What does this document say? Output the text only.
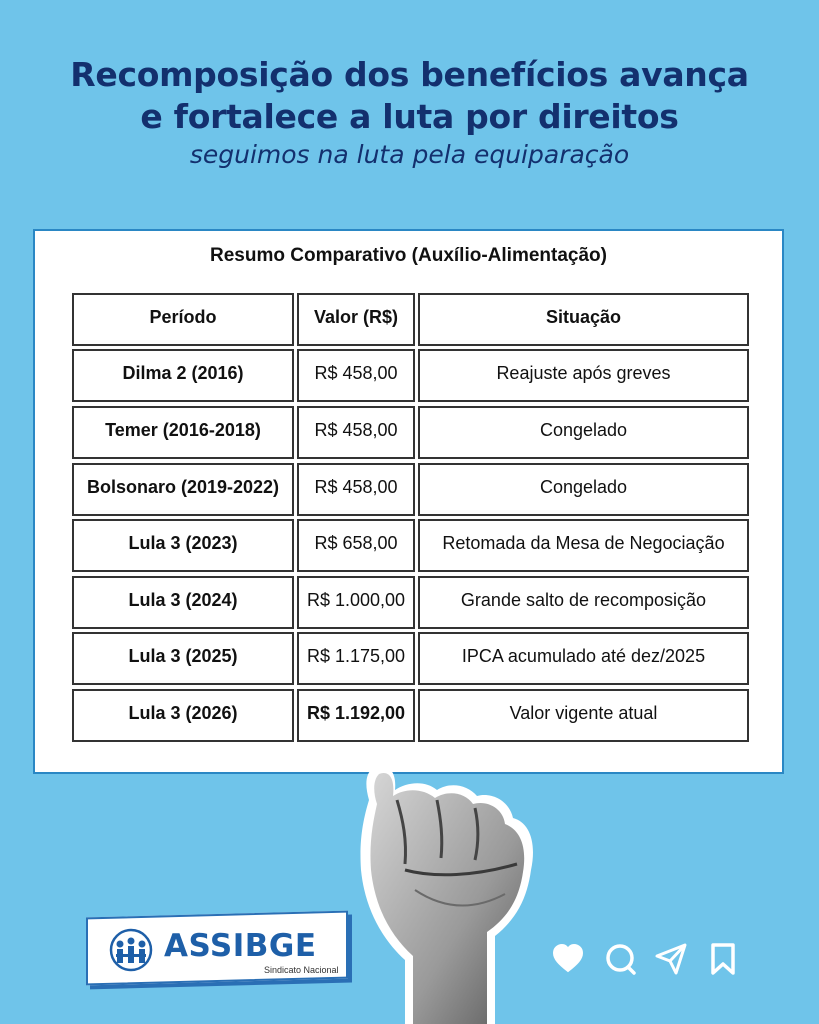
Recomposição dos benefícios avança
e fortalece a luta por direitos
seguimos na luta pela equiparação
Resumo Comparativo (Auxílio-Alimentação)
Período	Valor (R$)	Situação
Dilma 2 (2016)	R$ 458,00	Reajuste após greves
Temer (2016-2018)	R$ 458,00	Congelado
Bolsonaro (2019-2022)	R$ 458,00	Congelado
Lula 3 (2023)	R$ 658,00	Retomada da Mesa de Negociação
Lula 3 (2024)	R$ 1.000,00	Grande salto de recomposição
Lula 3 (2025)	R$ 1.175,00	IPCA acumulado até dez/2025
Lula 3 (2026)	R$ 1.192,00	Valor vigente atual
ASSIBGE
Sindicato Nacional
